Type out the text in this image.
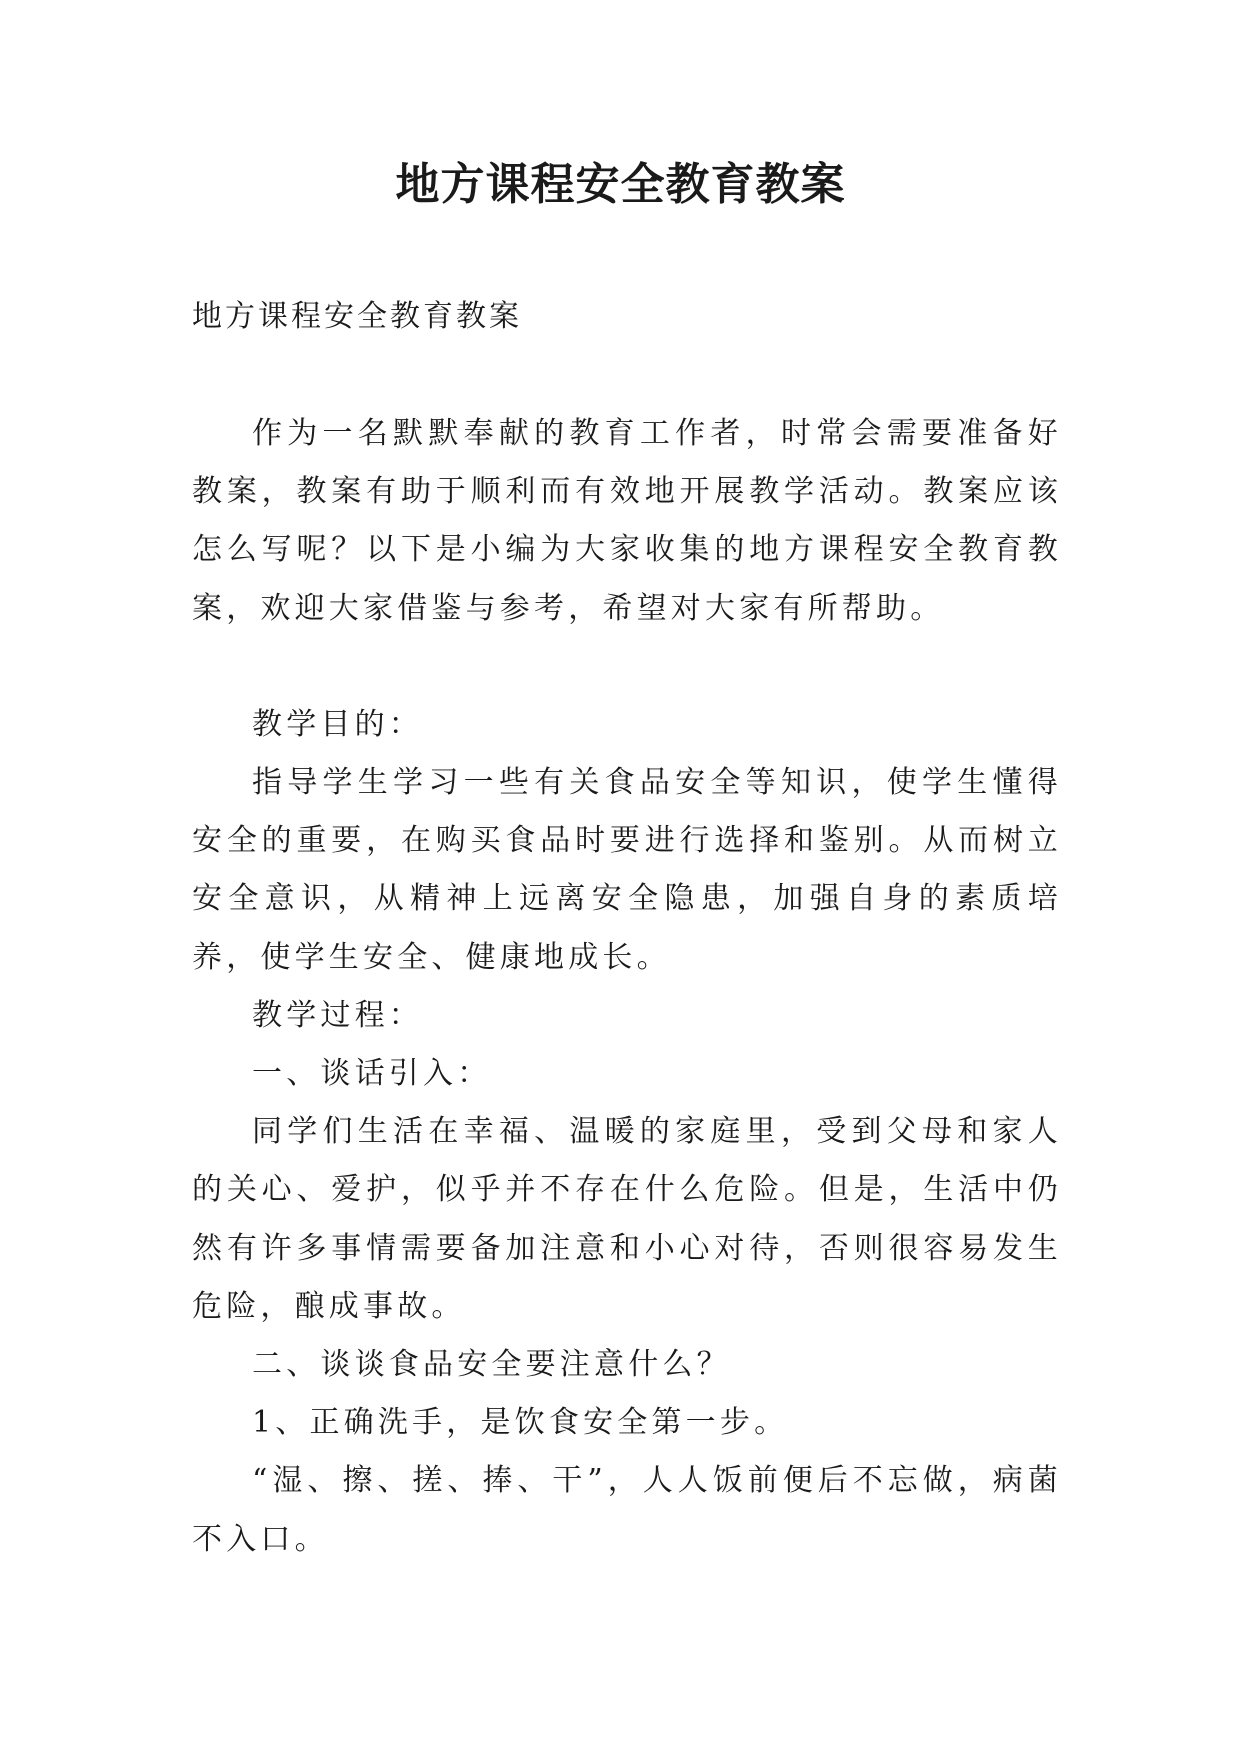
地方课程安全教育教案
地方课程安全教育教案

作为一名默默奉献的教育工作者，时常会需要准备好教案，教案有助于顺利而有效地开展教学活动。教案应该怎么写呢？以下是小编为大家收集的地方课程安全教育教案，欢迎大家借鉴与参考，希望对大家有所帮助。

教学目的：

指导学生学习一些有关食品安全等知识，使学生懂得安全的重要，在购买食品时要进行选择和鉴别。从而树立安全意识，从精神上远离安全隐患，加强自身的素质培养，使学生安全、健康地成长。

教学过程：

一、谈话引入：

同学们生活在幸福、温暖的家庭里，受到父母和家人的关心、爱护，似乎并不存在什么危险。但是，生活中仍然有许多事情需要备加注意和小心对待，否则很容易发生危险，酿成事故。

二、谈谈食品安全要注意什么？

1、正确洗手，是饮食安全第一步。

“湿、擦、搓、捧、干”，人人饭前便后不忘做，病菌不入口。
